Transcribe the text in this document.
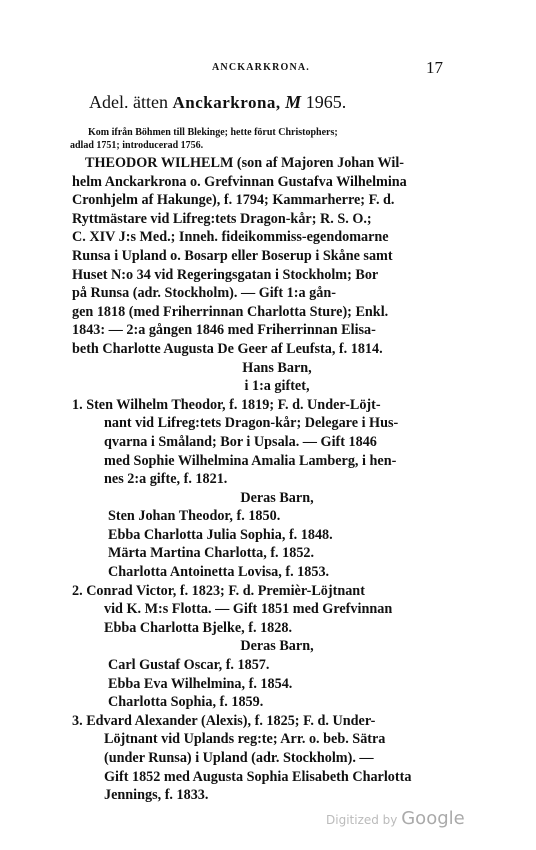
ANCKARKRONA.	17
Adel. ätten Anckarkrona, M 1965.
Kom ifrån Böhmen till Blekinge; hette förut Christophers;
adlad 1751; introducerad 1756.
THEODOR WILHELM (son af Majoren Johan Wil-
helm Anckarkrona o. Grefvinnan Gustafva Wilhelmina
Cronhjelm af Hakunge), f. 1794; Kammarherre; F. d.
Ryttmästare vid Lifreg:tets Dragon-kår; R. S. O.;
C. XIV J:s Med.; Inneh. fideikommiss-egendomarne
Runsa i Upland o. Bosarp eller Boserup i Skåne samt
Huset N:o 34 vid Regeringsgatan i Stockholm; Bor
på Runsa (adr. Stockholm). — Gift 1:a gån-
gen 1818 (med Friherrinnan Charlotta Sture); Enkl.
1843: — 2:a gången 1846 med Friherrinnan Elisa-
beth Charlotte Augusta De Geer af Leufsta, f. 1814.
Hans Barn,
i 1:a giftet,
1. Sten Wilhelm Theodor, f. 1819; F. d. Under-Löjt-
nant vid Lifreg:tets Dragon-kår; Delegare i Hus-
qvarna i Småland; Bor i Upsala. — Gift 1846
med Sophie Wilhelmina Amalia Lamberg, i hen-
nes 2:a gifte, f. 1821.
Deras Barn,
Sten Johan Theodor, f. 1850.
Ebba Charlotta Julia Sophia, f. 1848.
Märta Martina Charlotta, f. 1852.
Charlotta Antoinetta Lovisa, f. 1853.
2. Conrad Victor, f. 1823; F. d. Premièr-Löjtnant
vid K. M:s Flotta. — Gift 1851 med Grefvinnan
Ebba Charlotta Bjelke, f. 1828.
Deras Barn,
Carl Gustaf Oscar, f. 1857.
Ebba Eva Wilhelmina, f. 1854.
Charlotta Sophia, f. 1859.
3. Edvard Alexander (Alexis), f. 1825; F. d. Under-
Löjtnant vid Uplands reg:te; Arr. o. beb. Sätra
(under Runsa) i Upland (adr. Stockholm). —
Gift 1852 med Augusta Sophia Elisabeth Charlotta
Jennings, f. 1833.
Digitized by Google
